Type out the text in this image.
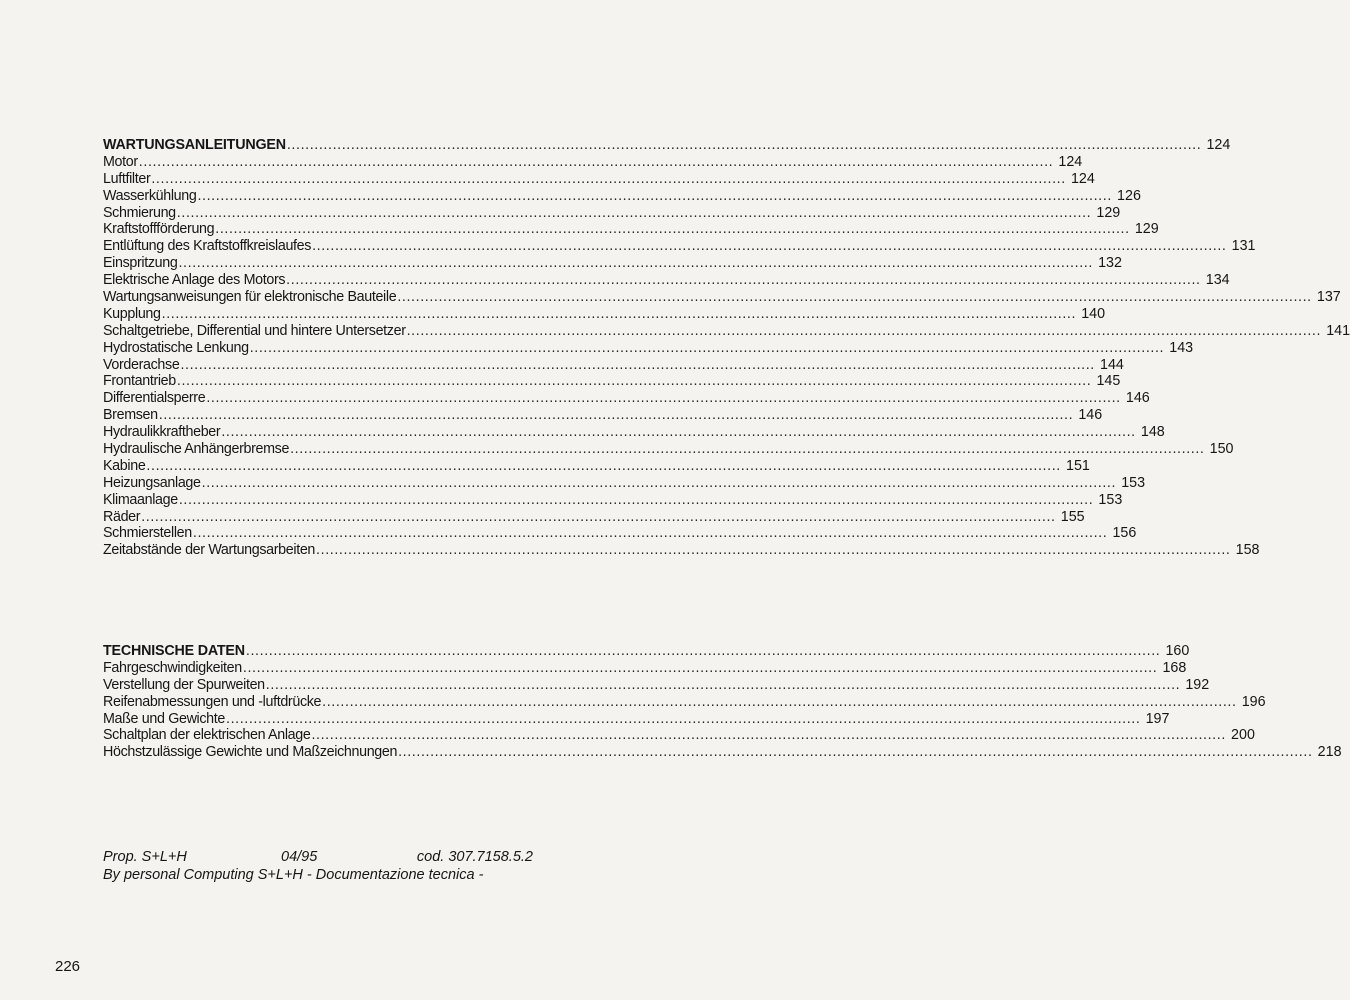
WARTUNGSANLEITUNGEN ........................................................................................................................................................................................................ 124
Motor ........................................................................................................................................................................................................ 124
Luftfilter ........................................................................................................................................................................................................ 124
Wasserkühlung ........................................................................................................................................................................................................ 126
Schmierung ........................................................................................................................................................................................................ 129
Kraftstoffförderung ........................................................................................................................................................................................................ 129
Entlüftung des Kraftstoffkreislaufes ........................................................................................................................................................................................................ 131
Einspritzung ........................................................................................................................................................................................................ 132
Elektrische Anlage des Motors ........................................................................................................................................................................................................ 134
Wartungsanweisungen für elektronische Bauteile ........................................................................................................................................................................................................ 137
Kupplung ........................................................................................................................................................................................................ 140
Schaltgetriebe, Differential und hintere Untersetzer ........................................................................................................................................................................................................ 141
Hydrostatische Lenkung ........................................................................................................................................................................................................ 143
Vorderachse ........................................................................................................................................................................................................ 144
Frontantrieb ........................................................................................................................................................................................................ 145
Differentialsperre ........................................................................................................................................................................................................ 146
Bremsen ........................................................................................................................................................................................................ 146
Hydraulikkraftheber ........................................................................................................................................................................................................ 148
Hydraulische Anhängerbremse ........................................................................................................................................................................................................ 150
Kabine ........................................................................................................................................................................................................ 151
Heizungsanlage ........................................................................................................................................................................................................ 153
Klimaanlage ........................................................................................................................................................................................................ 153
Räder ........................................................................................................................................................................................................ 155
Schmierstellen ........................................................................................................................................................................................................ 156
Zeitabstände der Wartungsarbeiten ........................................................................................................................................................................................................ 158
TECHNISCHE DATEN ........................................................................................................................................................................................................ 160
Fahrgeschwindigkeiten ........................................................................................................................................................................................................ 168
Verstellung der Spurweiten ........................................................................................................................................................................................................ 192
Reifenabmessungen und -luftdrücke ........................................................................................................................................................................................................ 196
Maße und Gewichte ........................................................................................................................................................................................................ 197
Schaltplan der elektrischen Anlage ........................................................................................................................................................................................................ 200
Höchstzulässige Gewichte und Maßzeichnungen ........................................................................................................................................................................................................ 218
Prop. S+L+H	04/95	cod. 307.7158.5.2
By personal Computing S+L+H - Documentazione tecnica -
226
